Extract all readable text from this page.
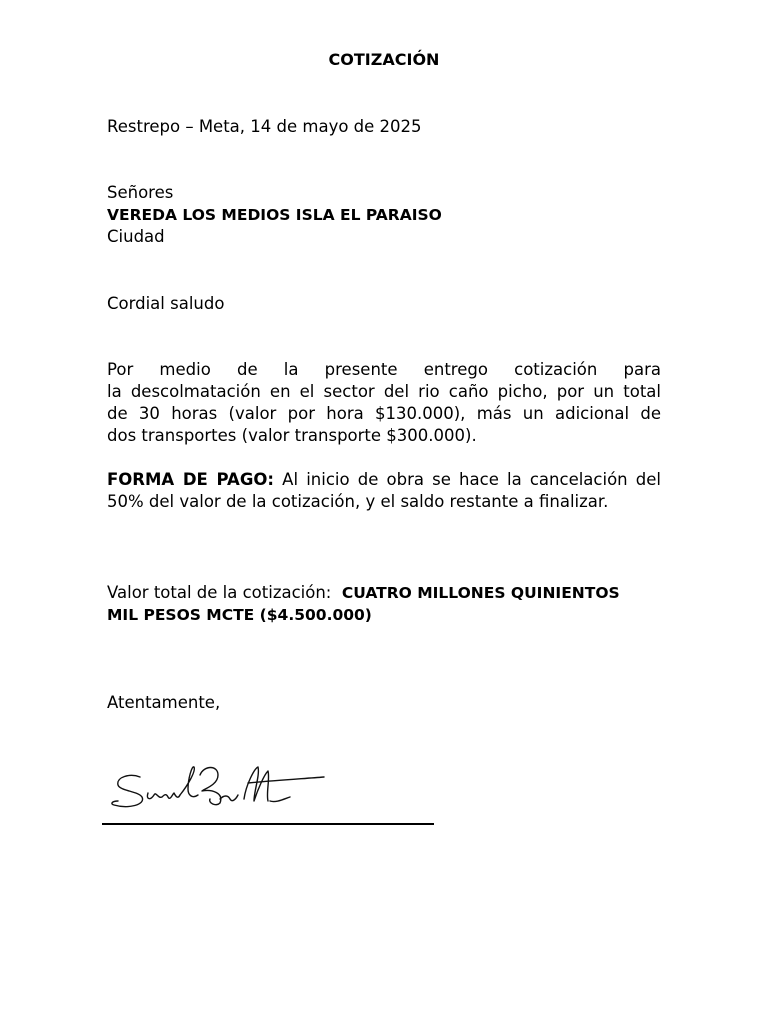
COTIZACIÓN
Restrepo – Meta, 14 de mayo de 2025
Señores
VEREDA LOS MEDIOS ISLA EL PARAISO
Ciudad
Cordial saludo
Por medio de la presente entrego cotización para
la descolmatación en el sector del rio caño picho, por un total
de 30 horas (valor por hora $130.000), más un adicional de
dos transportes (valor transporte $300.000).
FORMA DE PAGO: Al inicio de obra se hace la cancelación del
50% del valor de la cotización, y el saldo restante a finalizar.
Valor total de la cotización: CUATRO MILLONES QUINIENTOS
MIL PESOS MCTE ($4.500.000)
Atentamente,
